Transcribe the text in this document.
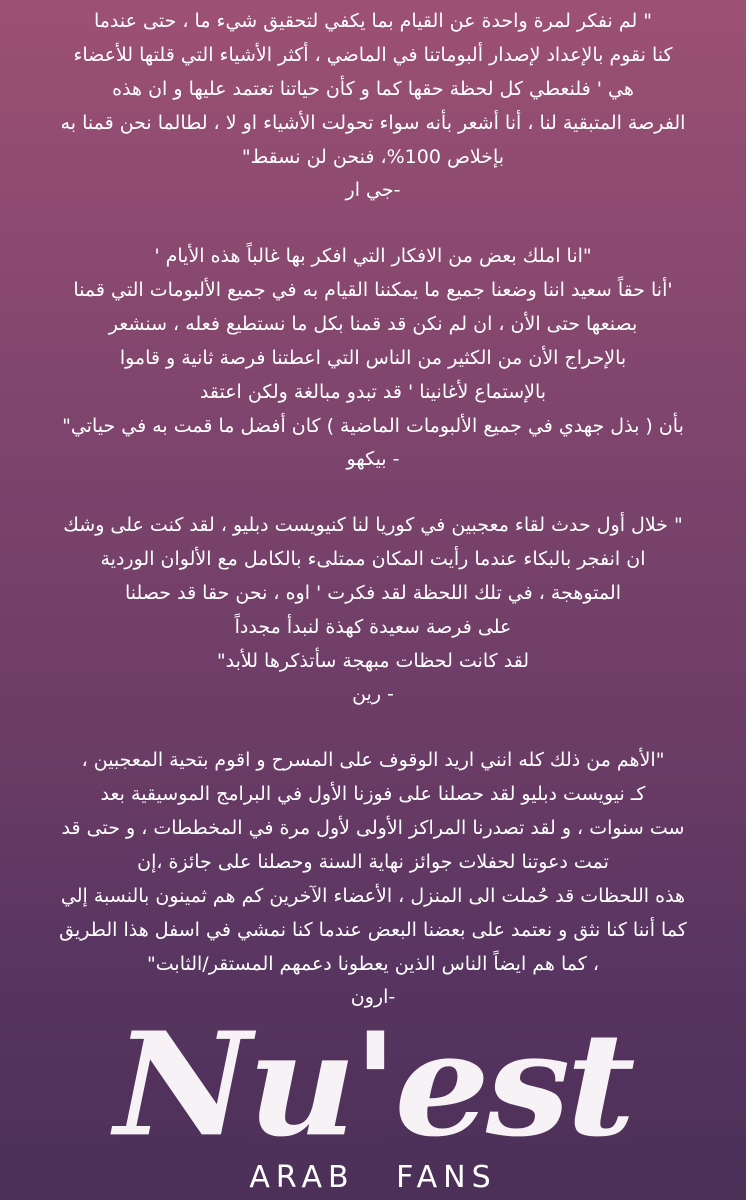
" لم نفكر لمرة واحدة عن القيام بما يكفي لتحقيق شيء ما ، حتى عندما
كنا نقوم بالإعداد لإصدار ألبوماتنا في الماضي ، أكثر الأشياء التي قلتها للأعضاء
هي ' فلنعطي كل لحظة حقها كما و كأن حياتنا تعتمد عليها و ان هذه
الفرصة المتبقية لنا ، أنا أشعر بأنه سواء تحولت الأشياء او لا ، لطالما نحن قمنا به
بإخلاص 100%، فنحن لن نسقط"
-جي ار
"انا املك بعض من الافكار التي افكر بها غالباً هذه الأيام '
'أنا حقاً سعيد اننا وضعنا جميع ما يمكننا القيام به في جميع الألبومات التي قمنا
بصنعها حتى الأن ، ان لم نكن قد قمنا بكل ما نستطيع فعله ، سنشعر
بالإحراج الأن من الكثير من الناس التي اعطتنا فرصة ثانية و قاموا
بالإستماع لأغانينا ' قد تبدو مبالغة ولكن اعتقد
بأن ( بذل جهدي في جميع الألبومات الماضية ) كان أفضل ما قمت به في حياتي"
- بيكهو
" خلال أول حدث لقاء معجبين في كوريا لنا كنيويست دبليو ، لقد كنت على وشك
ان انفجر بالبكاء عندما رأيت المكان ممتلىء بالكامل مع الألوان الوردية
المتوهجة ، في تلك اللحظة لقد فكرت ' اوه ، نحن حقا قد حصلنا
على فرصة سعيدة كهذة لنبدأ مجدداً
لقد كانت لحظات مبهجة سأتذكرها للأبد"
- رين
"الأهم من ذلك كله انني اريد الوقوف على المسرح و اقوم بتحية المعجبين ،
كـ نيويست دبليو لقد حصلنا على فوزنا الأول في البرامج الموسيقية بعد
ست سنوات ، و لقد تصدرنا المراكز الأولى لأول مرة في المخططات ، و حتى قد
تمت دعوتنا لحفلات جوائز نهاية السنة وحصلنا على جائزة ،إن
هذه اللحظات قد حُملت الى المنزل ، الأعضاء الآخرين كم هم ثمينون بالنسبة إلي
كما أننا كنا نثق و نعتمد على بعضنا البعض عندما كنا نمشي في اسفل هذا الطريق
، كما هم ايضاً الناس الذين يعطونا دعمهم المستقر/الثابت"
-ارون
Nu'est
ARAB FANS
